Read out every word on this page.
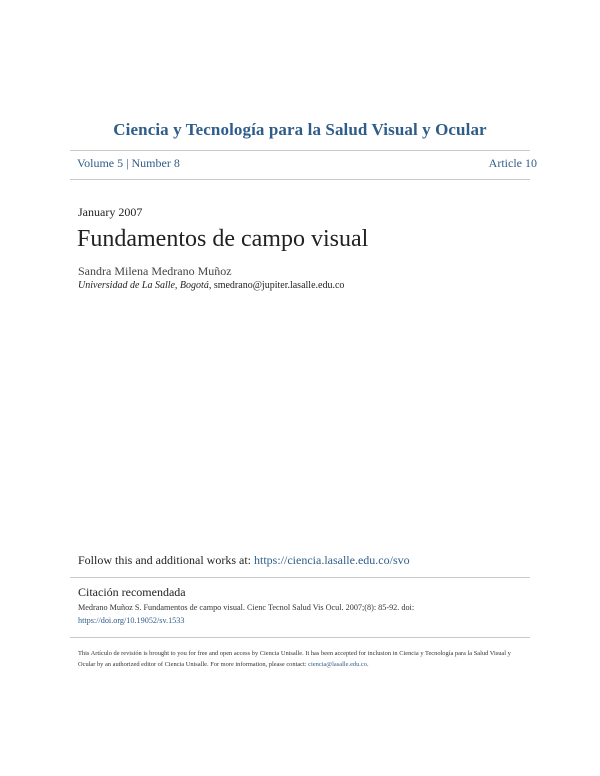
Ciencia y Tecnología para la Salud Visual y Ocular
Volume 5 | Number 8	Article 10
January 2007
Fundamentos de campo visual
Sandra Milena Medrano Muñoz
Universidad de La Salle, Bogotá, smedrano@jupiter.lasalle.edu.co
Follow this and additional works at: https://ciencia.lasalle.edu.co/svo
Citación recomendada
Medrano Muñoz S. Fundamentos de campo visual. Cienc Tecnol Salud Vis Ocul. 2007;(8): 85-92. doi: https://doi.org/10.19052/sv.1533
This Artículo de revisión is brought to you for free and open access by Ciencia Unisalle. It has been accepted for inclusion in Ciencia y Tecnología para la Salud Visual y Ocular by an authorized editor of Ciencia Unisalle. For more information, please contact: ciencia@lasalle.edu.co.
